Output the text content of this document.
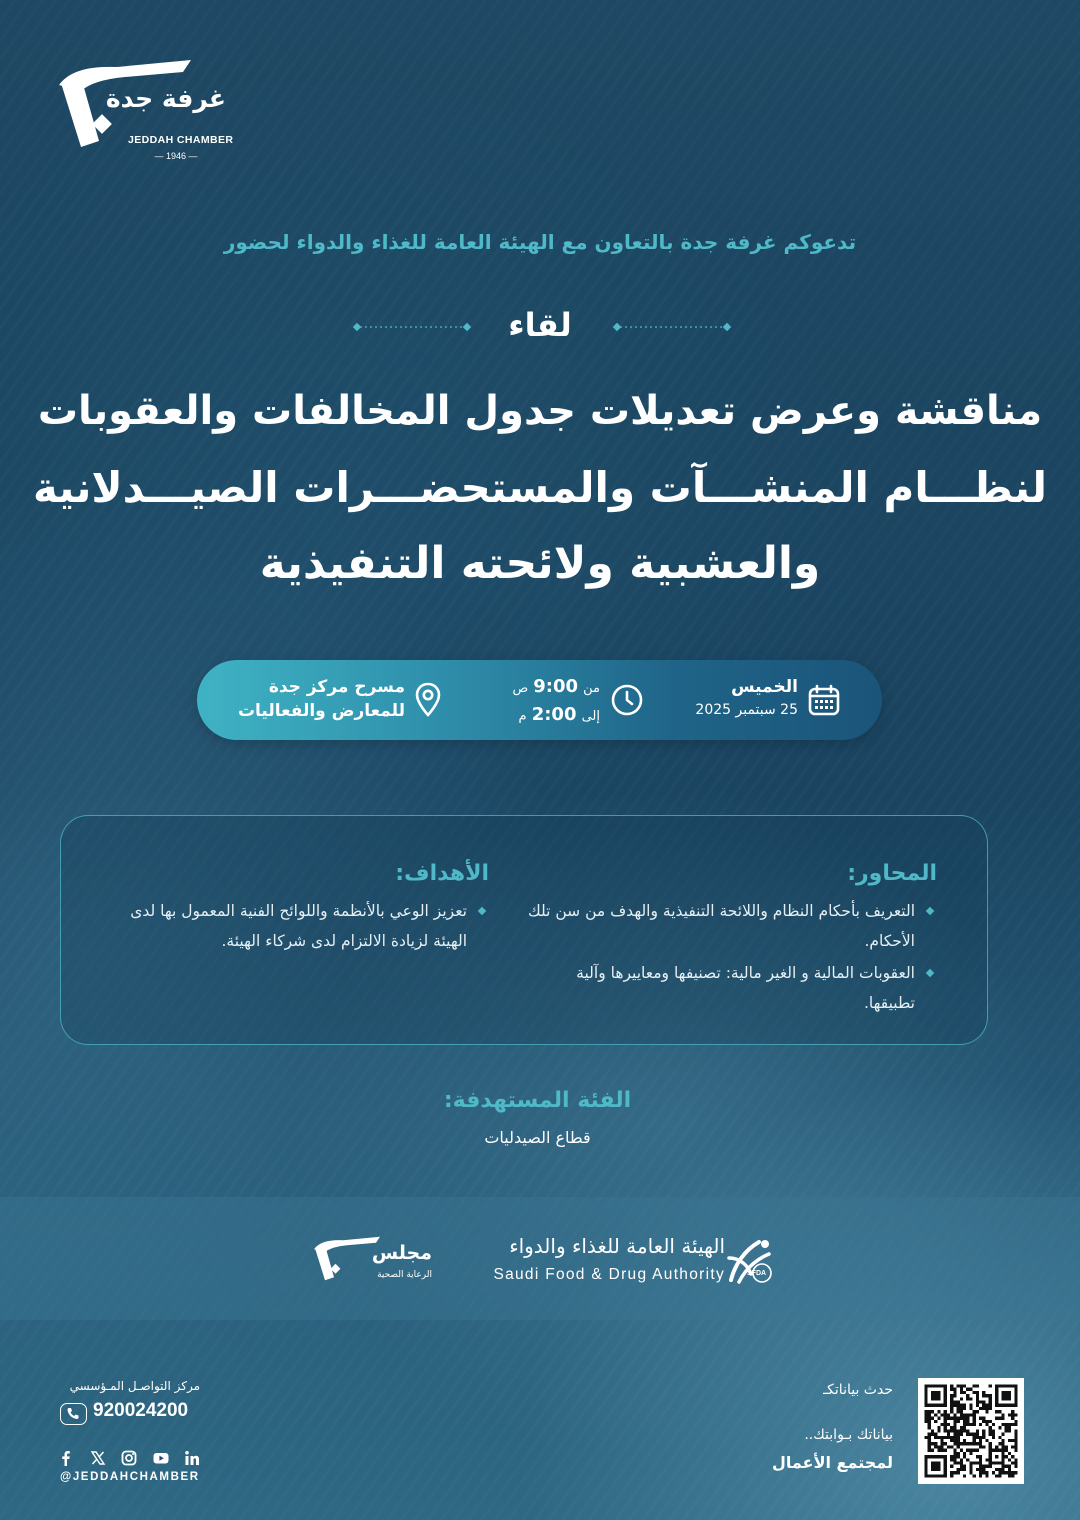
غرفة جدة
JEDDAH CHAMBER
— 1946 —
تدعوكم غرفة جدة بالتعاون مع الهيئة العامة للغذاء والدواء لحضور
لقاء
مناقشة وعرض تعديلات جدول المخالفات والعقوبات
لنظـــام المنشـــآت والمستحضـــرات الصيـــدلانية
والعشبية ولائحته التنفيذية
الخميس
25 سبتمبر 2025
من 9:00 ص
إلى 2:00 م
مسرح مركز جدة
للمعارض والفعاليات
المحاور:
التعريف بأحكام النظام واللائحة التنفيذية والهدف من سن تلك الأحكام.
العقوبات المالية و الغير مالية: تصنيفها ومعاييرها وآلية تطبيقها.
الأهداف:
تعزيز الوعي بالأنظمة واللوائح الفنية المعمول بها لدى الهيئة لزيادة الالتزام لدى شركاء الهيئة.
الفئة المستهدفة:
قطاع الصيدليات
الهيئة العامة للغذاء والدواء
Saudi Food & Drug Authority	SFDA
مجلس
الرعاية الصحية
مركز التواصـل المـؤسسي
920024200
@JEDDAHCHAMBER
حدث بياناتكـ
بياناتك بـوابتك..
لمجتمع الأعمال
